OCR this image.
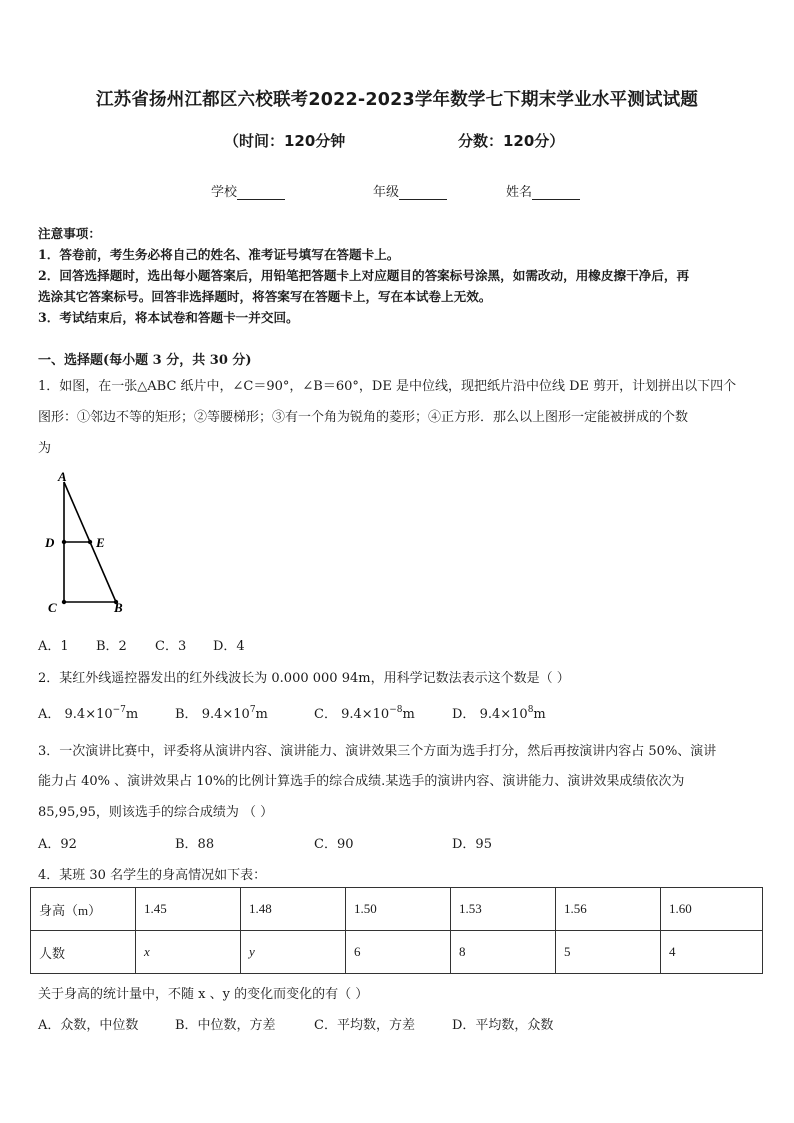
江苏省扬州江都区六校联考2022-2023学年数学七下期末学业水平测试试题
（时间：120分钟	分数：120分）
学校	年级	姓名
注意事项：
1．答卷前，考生务必将自己的姓名、准考证号填写在答题卡上。
2．回答选择题时，选出每小题答案后，用铅笔把答题卡上对应题目的答案标号涂黑，如需改动，用橡皮擦干净后，再
选涂其它答案标号。回答非选择题时，将答案写在答题卡上，写在本试卷上无效。
3．考试结束后，将本试卷和答题卡一并交回。
一、选择题(每小题 3 分，共 30 分)
1．如图，在一张△ABC 纸片中，∠C＝90°，∠B＝60°，DE 是中位线，现把纸片沿中位线 DE 剪开，计划拼出以下四个
图形：①邻边不等的矩形；②等腰梯形；③有一个角为锐角的菱形；④正方形．那么以上图形一定能被拼成的个数
为
A
D	E
C	B
A．1 B．2 C．3 D．4
2．某红外线遥控器发出的红外线波长为 0.000 000 94m，用科学记数法表示这个数是（ ）
A． $9.4\times 10^{-7}m$	B． $9.4\times 10^7m$	C． $9.4\times 10^{-8}m$	D． $9.4\times 10^8m$
3．一次演讲比赛中，评委将从演讲内容、演讲能力、演讲效果三个方面为选手打分，然后再按演讲内容占 50%、演讲
能力占 40% 、演讲效果占 10%的比例计算选手的综合成绩.某选手的演讲内容、演讲能力、演讲效果成绩依次为
85,95,95，则该选手的综合成绩为 （ ）
A．92	B．88	C．90	D．95
4．某班 30 名学生的身高情况如下表：
身高（m）	1.45	1.48	1.50	1.53	1.56	1.60
人数	x	y	6	8	5	4
关于身高的统计量中，不随 x 、y 的变化而变化的有（ ）
A．众数，中位数	B．中位数，方差	C．平均数，方差	D．平均数，众数
